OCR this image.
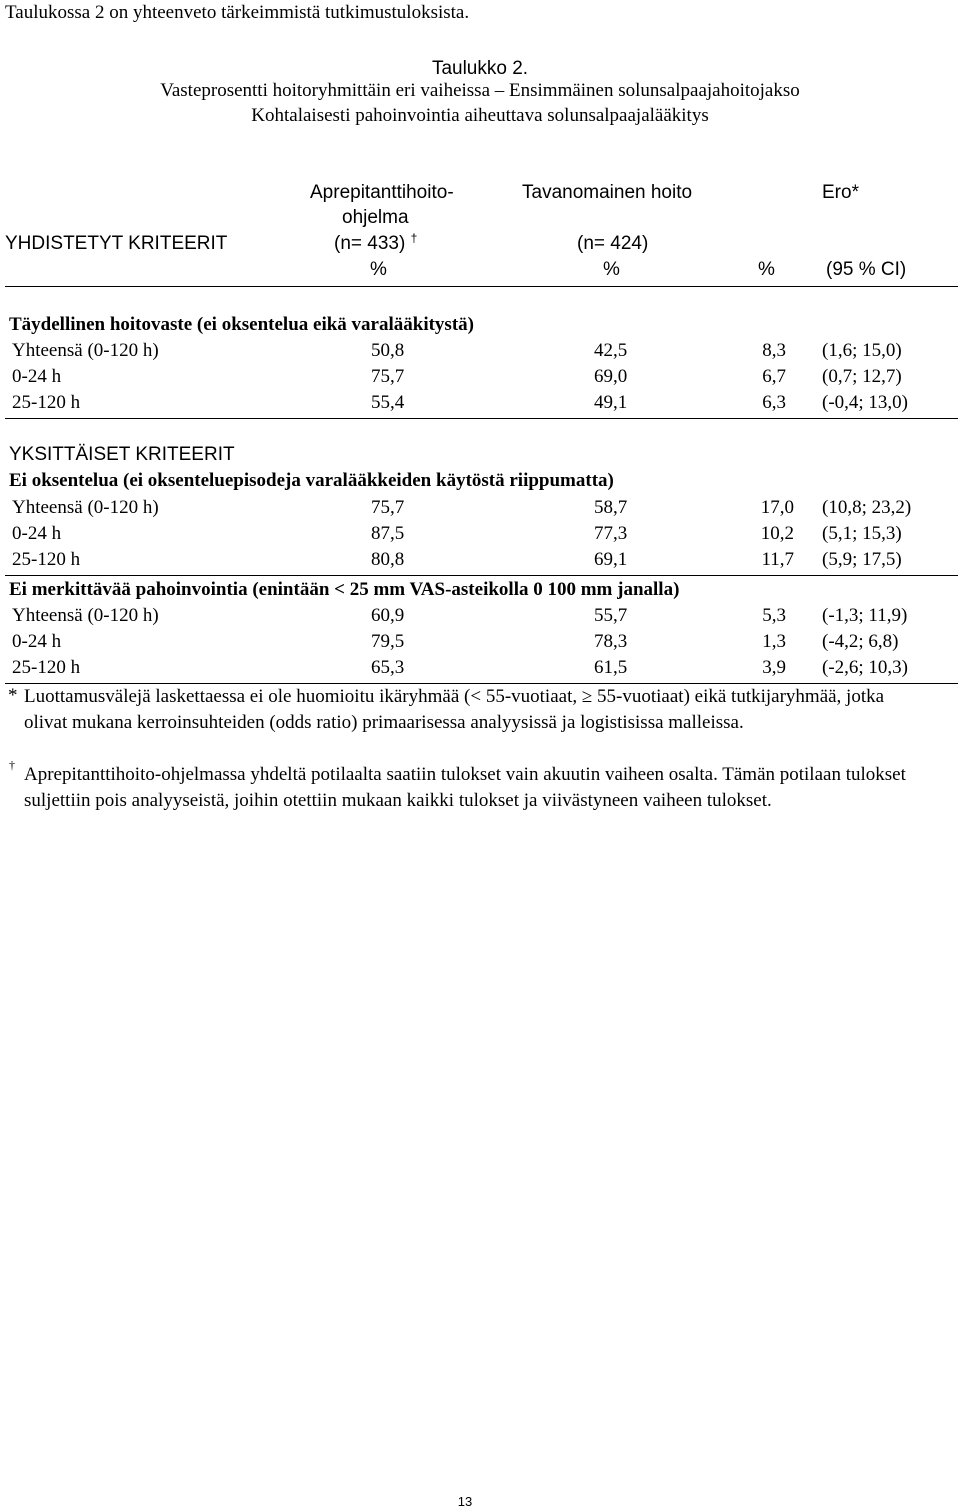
Taulukossa 2 on yhteenveto tärkeimmistä tutkimustuloksista.
Taulukko 2.
Vasteprosentti hoitoryhmittäin eri vaiheissa – Ensimmäinen solunsalpaajahoitojakso
Kohtalaisesti pahoinvointia aiheuttava solunsalpaajalääkitys
Aprepitanttihoito-
ohjelma
Tavanomainen hoito	Ero*
YHDISTETYT KRITEERIT	(n= 433) †	(n= 424)
%	%	%	(95 % CI)
Täydellinen hoitovaste (ei oksentelua eikä varalääkitystä)
Yhteensä (0-120 h)	50,8	42,5	8,3 (1,6; 15,0)
0-24 h	75,7	69,0	6,7 (0,7; 12,7)
25-120 h	55,4	49,1	6,3 (-0,4; 13,0)
YKSITTÄISET KRITEERIT
Ei oksentelua (ei oksenteluepisodeja varalääkkeiden käytöstä riippumatta)
Yhteensä (0-120 h)	75,7	58,7	17,0 (10,8; 23,2)
0-24 h	87,5	77,3	10,2 (5,1; 15,3)
25-120 h	80,8	69,1	11,7 (5,9; 17,5)
Ei merkittävää pahoinvointia (enintään < 25 mm VAS-asteikolla 0 100 mm janalla)
Yhteensä (0-120 h)	60,9	55,7	5,3 (-1,3; 11,9)
0-24 h	79,5	78,3	1,3 (-4,2; 6,8)
25-120 h	65,3	61,5	3,9 (-2,6; 10,3)
* Luottamusvälejä laskettaessa ei ole huomioitu ikäryhmää (< 55-vuotiaat, ≥ 55-vuotiaat) eikä tutkijaryhmää, jotka olivat mukana kerroinsuhteiden (odds ratio) primaarisessa analyysissä ja logistisissa malleissa.
† Aprepitanttihoito-ohjelmassa yhdeltä potilaalta saatiin tulokset vain akuutin vaiheen osalta. Tämän potilaan tulokset suljettiin pois analyyseistä, joihin otettiin mukaan kaikki tulokset ja viivästyneen vaiheen tulokset.
13
